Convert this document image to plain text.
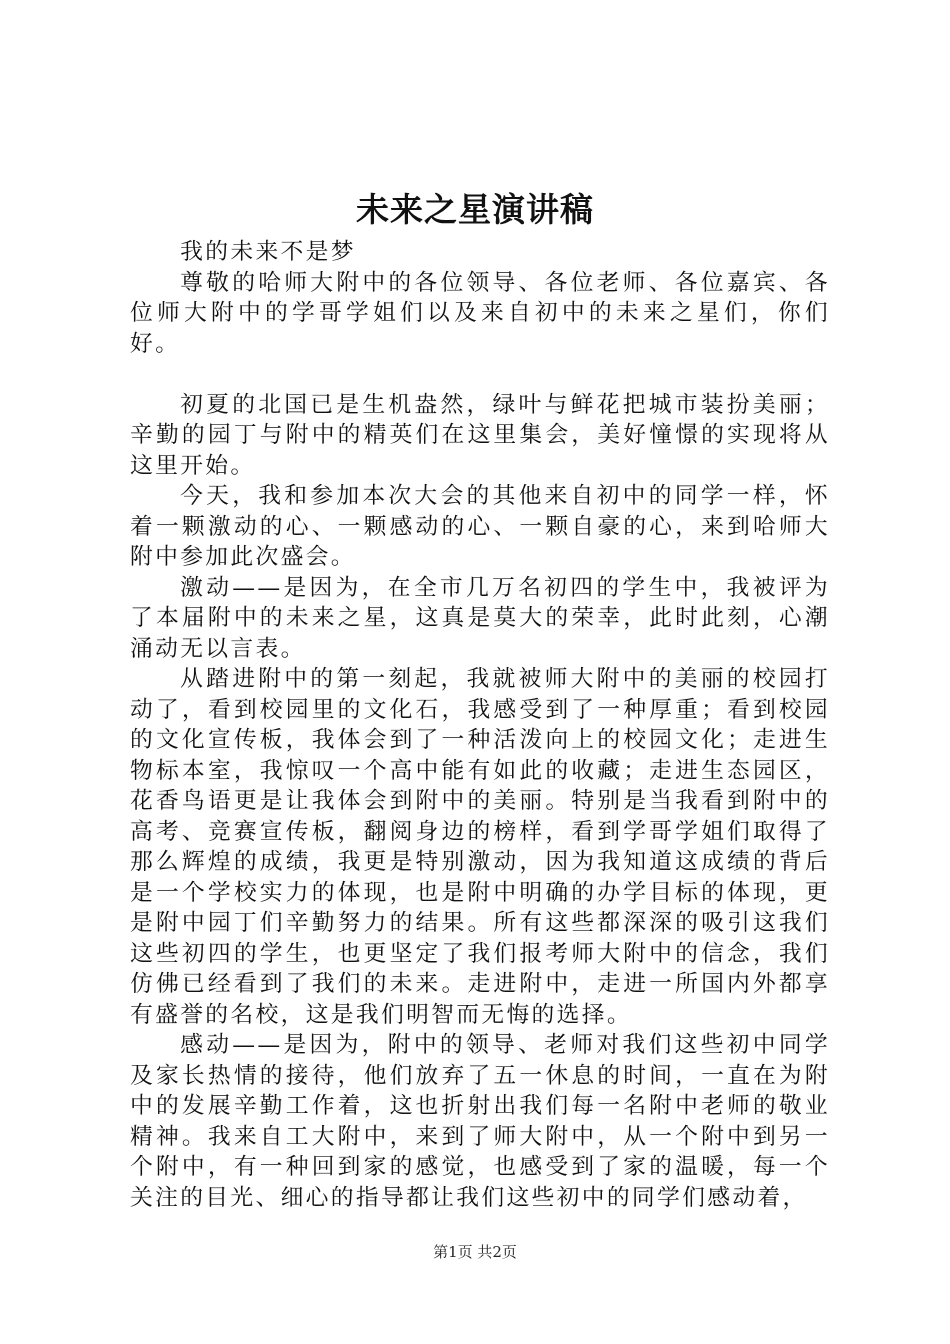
未来之星演讲稿

我的未来不是梦

尊敬的哈师大附中的各位领导、各位老师、各位嘉宾、各位师大附中的学哥学姐们以及来自初中的未来之星们，你们好。

初夏的北国已是生机盎然，绿叶与鲜花把城市装扮美丽；辛勤的园丁与附中的精英们在这里集会，美好憧憬的实现将从这里开始。

今天，我和参加本次大会的其他来自初中的同学一样，怀着一颗激动的心、一颗感动的心、一颗自豪的心，来到哈师大附中参加此次盛会。

激动——是因为，在全市几万名初四的学生中，我被评为了本届附中的未来之星，这真是莫大的荣幸，此时此刻，心潮涌动无以言表。

从踏进附中的第一刻起，我就被师大附中的美丽的校园打动了，看到校园里的文化石，我感受到了一种厚重；看到校园的文化宣传板，我体会到了一种活泼向上的校园文化；走进生物标本室，我惊叹一个高中能有如此的收藏；走进生态园区，花香鸟语更是让我体会到附中的美丽。特别是当我看到附中的高考、竞赛宣传板，翻阅身边的榜样，看到学哥学姐们取得了那么辉煌的成绩，我更是特别激动，因为我知道这成绩的背后是一个学校实力的体现，也是附中明确的办学目标的体现，更是附中园丁们辛勤努力的结果。所有这些都深深的吸引这我们这些初四的学生，也更坚定了我们报考师大附中的信念，我们仿佛已经看到了我们的未来。走进附中，走进一所国内外都享有盛誉的名校，这是我们明智而无悔的选择。

感动——是因为，附中的领导、老师对我们这些初中同学及家长热情的接待，他们放弃了五一休息的时间，一直在为附中的发展辛勤工作着，这也折射出我们每一名附中老师的敬业精神。我来自工大附中，来到了师大附中，从一个附中到另一个附中，有一种回到家的感觉，也感受到了家的温暖，每一个关注的目光、细心的指导都让我们这些初中的同学们感动着，

第1页 共2页
